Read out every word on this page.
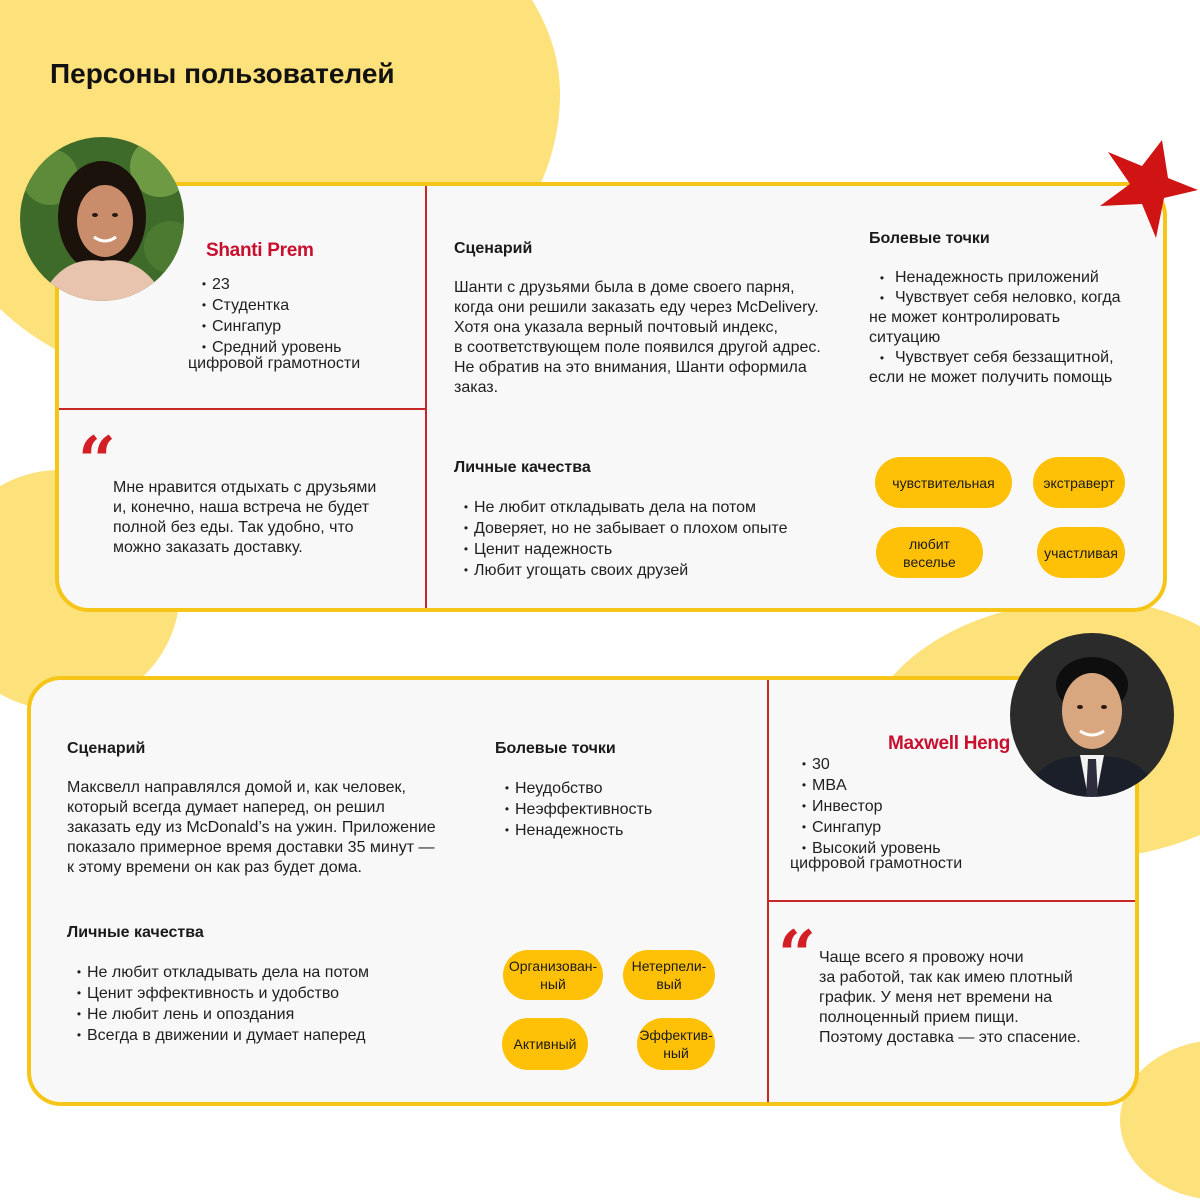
Персоны пользователей
Shanti Prem
• 23
• Студентка
• Сингапур
• Средний уровень
цифровой грамотности
“
Мне нравится отдыхать с друзьями
и, конечно, наша встреча не будет
полной без еды. Так удобно, что
можно заказать доставку.
Сценарий
Шанти с друзьями была в доме своего парня,
когда они решили заказать еду через McDelivery.
Хотя она указала верный почтовый индекс,
в соответствующем поле появился другой адрес.
Не обратив на это внимания, Шанти оформила
заказ.
Болевые точки
• Ненадежность приложений
• Чувствует себя неловко, когда
не может контролировать
ситуацию
• Чувствует себя беззащитной,
если не может получить помощь
Личные качества
• Не любит откладывать дела на потом
• Доверяет, но не забывает о плохом опыте
• Ценит надежность
• Любит угощать своих друзей
чувствительная	экстраверт
любит
веселье
участливая
Maxwell Heng
• 30
• MBA
• Инвестор
• Сингапур
• Высокий уровень
цифровой грамотности
“ Чаще всего я провожу ночи
за работой, так как имею плотный
график. У меня нет времени на
полноценный прием пищи.
Поэтому доставка — это спасение.
Сценарий
Максвелл направлялся домой и, как человек,
который всегда думает наперед, он решил
заказать еду из McDonald’s на ужин. Приложение
показало примерное время доставки 35 минут —
к этому времени он как раз будет дома.
Болевые точки
• Неудобство
• Неэффективность
• Ненадежность
Личные качества
• Не любит откладывать дела на потом
• Ценит эффективность и удобство
• Не любит лень и опоздания
• Всегда в движении и думает наперед
Организован-
ный
Нетерпели-
вый
Активный
Эффектив-
ный
